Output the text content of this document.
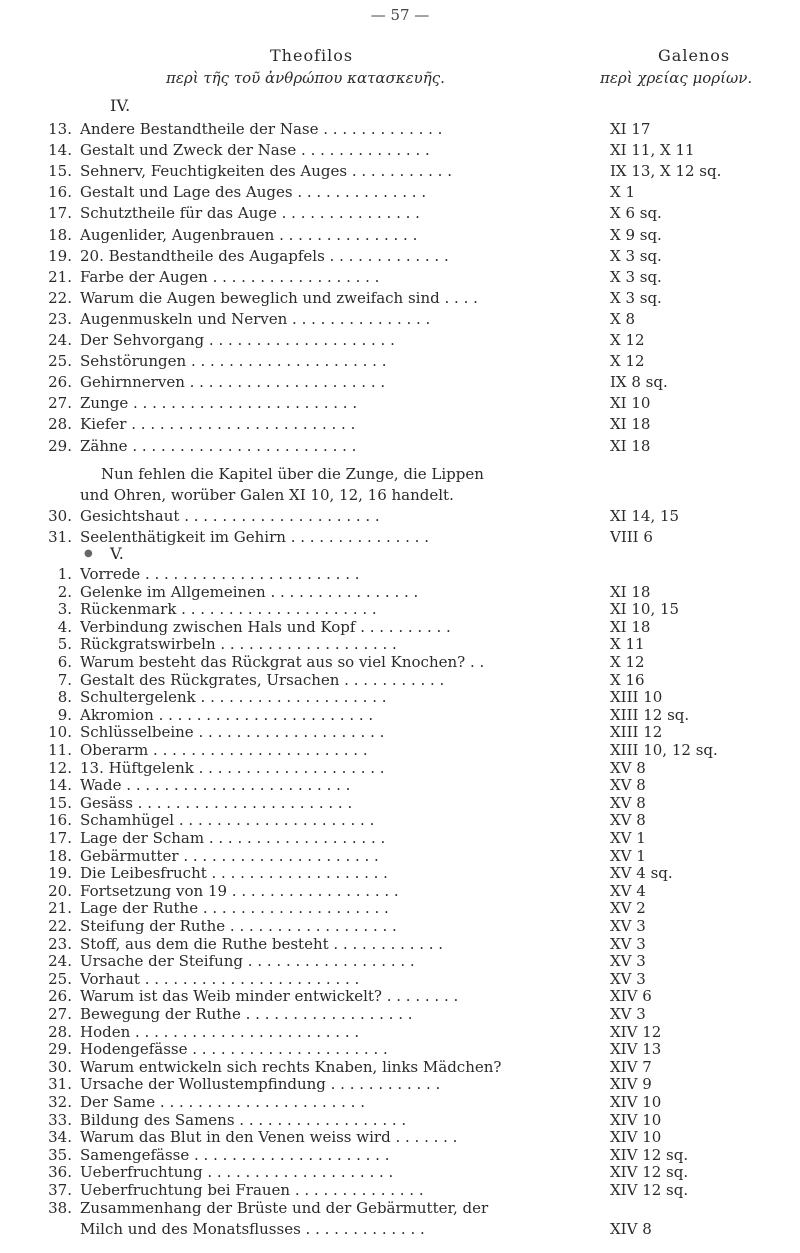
— 57 —
Theofilos
περὶ τῆς τοῦ ἀνθρώπου κατασκευῆς.
Galenos
περὶ χρείας μορίων.
IV.
13. Andere Bestandtheile der Nase . . . . . . . . . . . . .	XI 17
14. Gestalt und Zweck der Nase . . . . . . . . . . . . . .	XI 11, X 11
15. Sehnerv, Feuchtigkeiten des Auges . . . . . . . . . . .	IX 13, X 12 sq.
16. Gestalt und Lage des Auges . . . . . . . . . . . . . .	X 1
17. Schutztheile für das Auge . . . . . . . . . . . . . . .	X 6 sq.
18. Augenlider, Augenbrauen . . . . . . . . . . . . . . .	X 9 sq.
19. 20. Bestandtheile des Augapfels . . . . . . . . . . . . .	X 3 sq.
21. Farbe der Augen . . . . . . . . . . . . . . . . . .	X 3 sq.
22. Warum die Augen beweglich und zweifach sind . . . .	X 3 sq.
23. Augenmuskeln und Nerven . . . . . . . . . . . . . . .	X 8
24. Der Sehvorgang . . . . . . . . . . . . . . . . . . . .	X 12
25. Sehstörungen . . . . . . . . . . . . . . . . . . . . .	X 12
26. Gehirnnerven . . . . . . . . . . . . . . . . . . . . .	IX 8 sq.
27. Zunge . . . . . . . . . . . . . . . . . . . . . . . .	XI 10
28. Kiefer . . . . . . . . . . . . . . . . . . . . . . . .	XI 18
29. Zähne . . . . . . . . . . . . . . . . . . . . . . . .	XI 18
Nun fehlen die Kapitel über die Zunge, die Lippen
und Ohren, worüber Galen XI 10, 12, 16 handelt.
30. Gesichtshaut . . . . . . . . . . . . . . . . . . . . .	XI 14, 15
31. Seelenthätigkeit im Gehirn . . . . . . . . . . . . . . .	VIII 6
●	V.
1. Vorrede . . . . . . . . . . . . . . . . . . . . . . .
2. Gelenke im Allgemeinen . . . . . . . . . . . . . . . .	XI 18
3. Rückenmark . . . . . . . . . . . . . . . . . . . . .	XI 10, 15
4. Verbindung zwischen Hals und Kopf . . . . . . . . . .	XI 18
5. Rückgratswirbeln . . . . . . . . . . . . . . . . . . .	X 11
6. Warum besteht das Rückgrat aus so viel Knochen? . .	X 12
7. Gestalt des Rückgrates, Ursachen . . . . . . . . . . .	X 16
8. Schultergelenk . . . . . . . . . . . . . . . . . . . .	XIII 10
9. Akromion . . . . . . . . . . . . . . . . . . . . . . .	XIII 12 sq.
10. Schlüsselbeine . . . . . . . . . . . . . . . . . . . .	XIII 12
11. Oberarm . . . . . . . . . . . . . . . . . . . . . . .	XIII 10, 12 sq.
12. 13. Hüftgelenk . . . . . . . . . . . . . . . . . . . .	XV 8
14. Wade . . . . . . . . . . . . . . . . . . . . . . . .	XV 8
15. Gesäss . . . . . . . . . . . . . . . . . . . . . . .	XV 8
16. Schamhügel . . . . . . . . . . . . . . . . . . . . .	XV 8
17. Lage der Scham . . . . . . . . . . . . . . . . . . .	XV 1
18. Gebärmutter . . . . . . . . . . . . . . . . . . . . .	XV 1
19. Die Leibesfrucht . . . . . . . . . . . . . . . . . . .	XV 4 sq.
20. Fortsetzung von 19 . . . . . . . . . . . . . . . . . .	XV 4
21. Lage der Ruthe . . . . . . . . . . . . . . . . . . . .	XV 2
22. Steifung der Ruthe . . . . . . . . . . . . . . . . . .	XV 3
23. Stoff, aus dem die Ruthe besteht . . . . . . . . . . . .	XV 3
24. Ursache der Steifung . . . . . . . . . . . . . . . . . .	XV 3
25. Vorhaut . . . . . . . . . . . . . . . . . . . . . . .	XV 3
26. Warum ist das Weib minder entwickelt? . . . . . . . .	XIV 6
27. Bewegung der Ruthe . . . . . . . . . . . . . . . . . .	XV 3
28. Hoden . . . . . . . . . . . . . . . . . . . . . . . .	XIV 12
29. Hodengefässe . . . . . . . . . . . . . . . . . . . . .	XIV 13
30. Warum entwickeln sich rechts Knaben, links Mädchen?	XIV 7
31. Ursache der Wollustempfindung . . . . . . . . . . . .	XIV 9
32. Der Same . . . . . . . . . . . . . . . . . . . . . .	XIV 10
33. Bildung des Samens . . . . . . . . . . . . . . . . . .	XIV 10
34. Warum das Blut in den Venen weiss wird . . . . . . .	XIV 10
35. Samengefässe . . . . . . . . . . . . . . . . . . . . .	XIV 12 sq.
36. Ueberfruchtung . . . . . . . . . . . . . . . . . . . .	XIV 12 sq.
37. Ueberfruchtung bei Frauen . . . . . . . . . . . . . .	XIV 12 sq.
38. Zusammenhang der Brüste und der Gebärmutter, der
Milch und des Monatsflusses . . . . . . . . . . . . .	XIV 8
